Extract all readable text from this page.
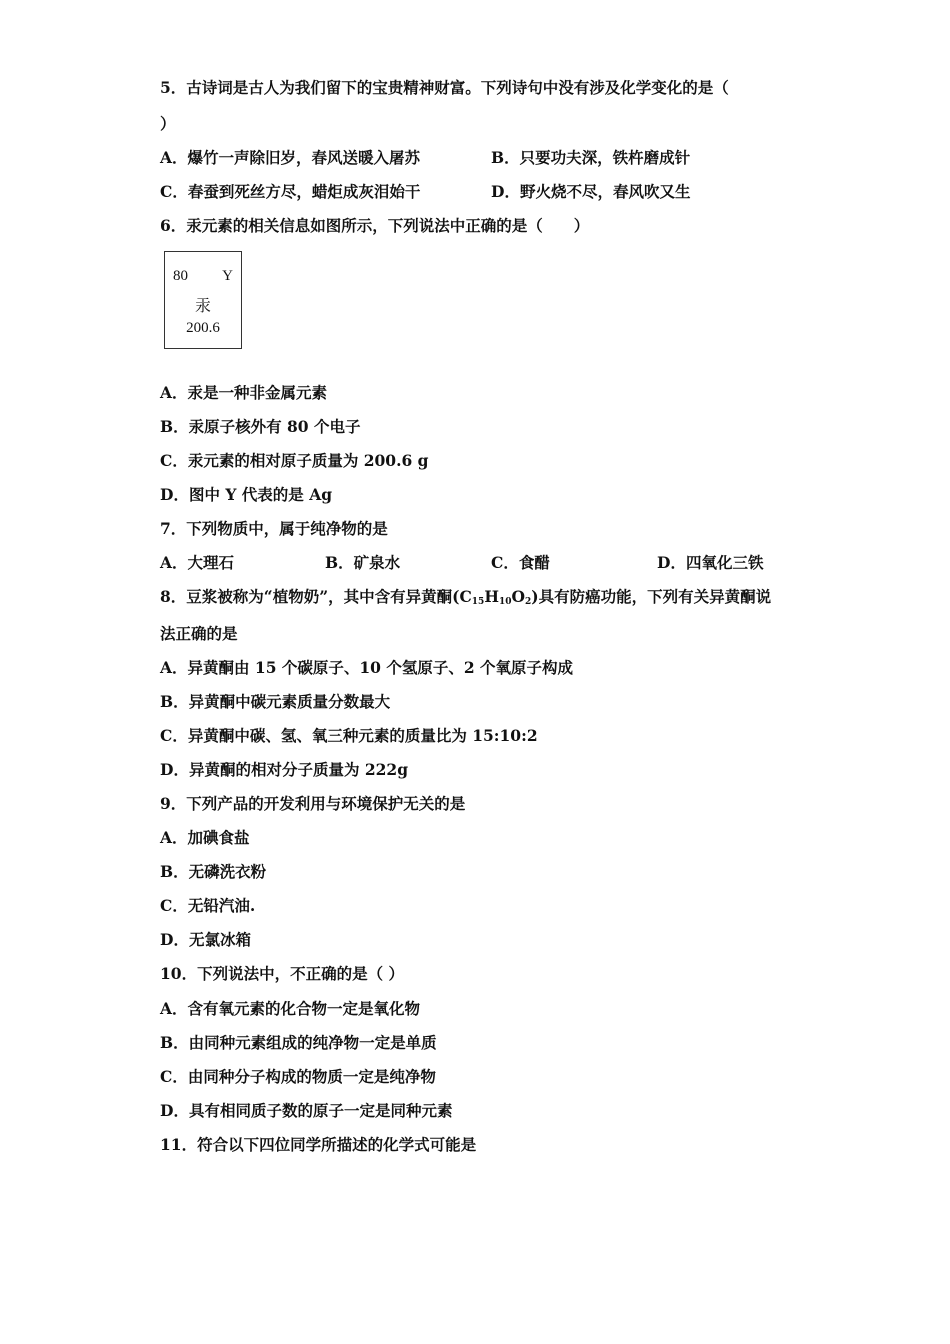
5．古诗词是古人为我们留下的宝贵精神财富。下列诗句中没有涉及化学变化的是（
）
A．爆竹一声除旧岁，春风送暖入屠苏	B．只要功夫深，铁杵磨成针
C．春蚕到死丝方尽，蜡炬成灰泪始干	D．野火烧不尽，春风吹又生
6．汞元素的相关信息如图所示，下列说法中正确的是（　　）
80 Y
汞
200.6
A．汞是一种非金属元素
B．汞原子核外有 80 个电子
C．汞元素的相对原子质量为 200.6 g
D．图中 Y 代表的是 Ag
7．下列物质中，属于纯净物的是
A．大理石	B．矿泉水	C．食醋	D．四氧化三铁
8．豆浆被称为“植物奶”，其中含有异黄酮$(C_{15}H_{10}O_2)$具有防癌功能，下列有关异黄酮说
法正确的是
A．异黄酮由 15 个碳原子、10 个氢原子、2 个氧原子构成
B．异黄酮中碳元素质量分数最大
C．异黄酮中碳、氢、氧三种元素的质量比为 15:10:2
D．异黄酮的相对分子质量为 222g
9．下列产品的开发利用与环境保护无关的是
A．加碘食盐
B．无磷洗衣粉
C．无铅汽油.
D．无氯冰箱
10．下列说法中，不正确的是（ ）
A．含有氧元素的化合物一定是氧化物
B．由同种元素组成的纯净物一定是单质
C．由同种分子构成的物质一定是纯净物
D．具有相同质子数的原子一定是同种元素
11．符合以下四位同学所描述的化学式可能是
